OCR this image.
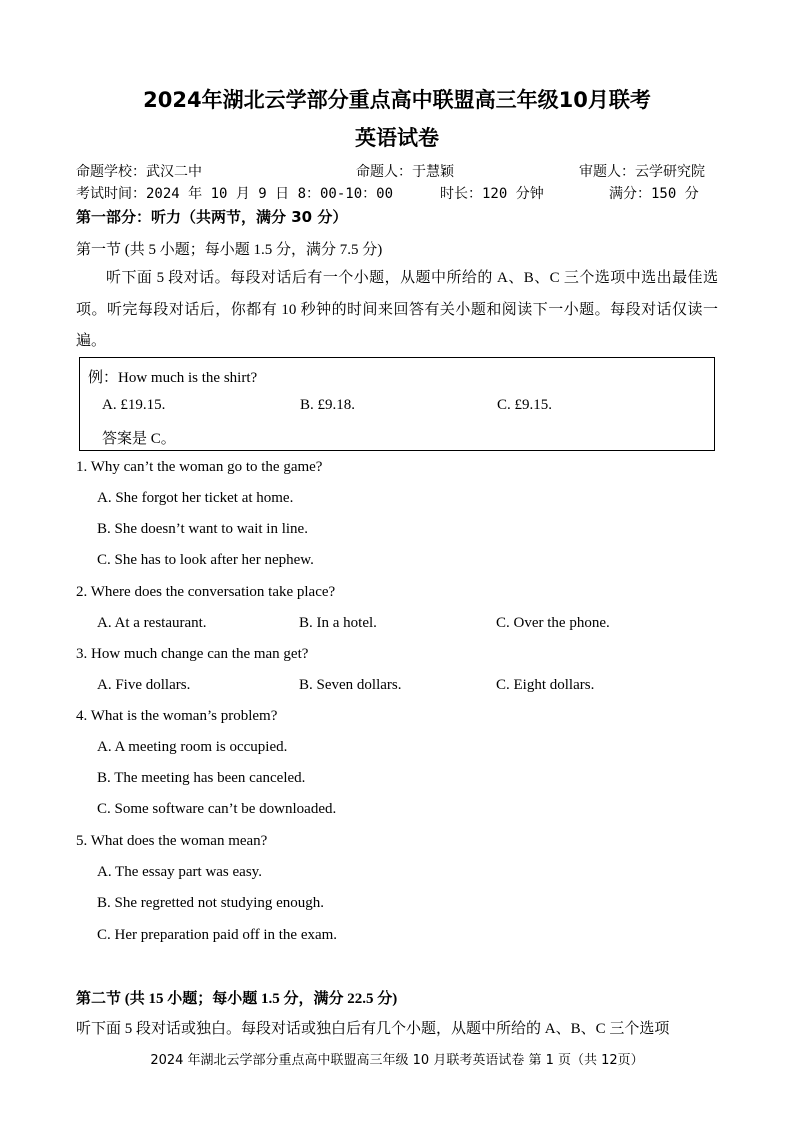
2024年湖北云学部分重点高中联盟高三年级10月联考
英语试卷
命题学校：武汉二中	命题人：于慧颖	审题人：云学研究院
考试时间：2024 年 10 月 9 日 8：00-10：00	时长：120 分钟	满分：150 分
第一部分：听力（共两节，满分 30 分）
第一节 (共 5 小题；每小题 1.5 分，满分 7.5 分)
听下面 5 段对话。每段对话后有一个小题，从题中所给的 A、B、C 三个选项中选出最佳选项。听完每段对话后，你都有 10 秒钟的时间来回答有关小题和阅读下一小题。每段对话仅读一遍。
例：How much is the shirt?
A. £19.15.	B. £9.18.	C. £9.15.
答案是 C。
1. Why can’t the woman go to the game?
A. She forgot her ticket at home.
B. She doesn’t want to wait in line.
C. She has to look after her nephew.
2. Where does the conversation take place?
A. At a restaurant.	B. In a hotel.	C. Over the phone.
3. How much change can the man get?
A. Five dollars.	B. Seven dollars.	C. Eight dollars.
4. What is the woman’s problem?
A. A meeting room is occupied.
B. The meeting has been canceled.
C. Some software can’t be downloaded.
5. What does the woman mean?
A. The essay part was easy.
B. She regretted not studying enough.
C. Her preparation paid off in the exam.
第二节 (共 15 小题；每小题 1.5 分，满分 22.5 分)
听下面 5 段对话或独白。每段对话或独白后有几个小题，从题中所给的 A、B、C 三个选项
2024 年湖北云学部分重点高中联盟高三年级 10 月联考英语试卷 第 1 页（共 12页）
